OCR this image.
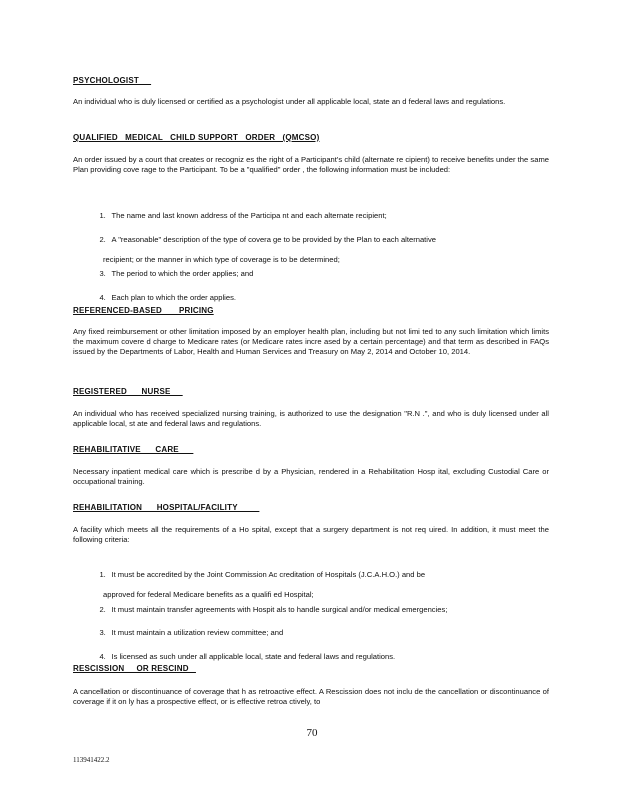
PSYCHOLOGIST
An individual who is duly licensed or certified as a psychologist under all applicable local, state an d federal laws and regulations.
QUALIFIED   MEDICAL   CHILD SUPPORT   ORDER   (QMCSO)
An order issued by a court that creates or recogniz es the right of a Participant's child (alternate re cipient) to receive benefits under the same Plan providing cove rage to the Participant. To be a "qualified" order , the following information must be included:

1. The name and last known address of the Participa nt and each alternate recipient;

2. A "reasonable" description of the type of covera ge to be provided by the Plan to each alternative

recipient; or the manner in which type of coverage is to be determined;

3. The period to which the order applies; and

4. Each plan to which the order applies.

REFERENCED-BASED       PRICING
Any fixed reimbursement or other limitation imposed by an employer health plan, including but not limi ted to any such limitation which limits the maximum covere d charge to Medicare rates (or Medicare rates incre ased by a certain percentage) and that term as described in FAQs issued by the Departments of Labor, Health and Human Services and Treasury on May 2, 2014 and October 10, 2014.
REGISTERED      NURSE
An individual who has received specialized nursing training, is authorized to use the designation "R.N .", and who is duly licensed under all applicable local, st ate and federal laws and regulations.
REHABILITATIVE      CARE
Necessary inpatient medical care which is prescribe d by a Physician, rendered in a Rehabilitation Hosp ital, excluding Custodial Care or occupational training.
REHABILITATION      HOSPITAL/FACILITY
A facility which meets all the requirements of a Ho spital, except that a surgery department is not req uired. In addition, it must meet the following criteria:

1. It must be accredited by the Joint Commission Ac creditation of Hospitals (J.C.A.H.O.) and be

approved for federal Medicare benefits as a qualifi ed Hospital;

2. It must maintain transfer agreements with Hospit als to handle surgical and/or medical emergencies;

3. It must maintain a utilization review committee; and

4. Is licensed as such under all applicable local, state and federal laws and regulations.

RESCISSION     OR RESCIND
A cancellation or discontinuance of coverage that h as retroactive effect. A Rescission does not inclu de the cancellation or discontinuance of coverage if it on ly has a prospective effect, or is effective retroa ctively, to
70
113941422.2
